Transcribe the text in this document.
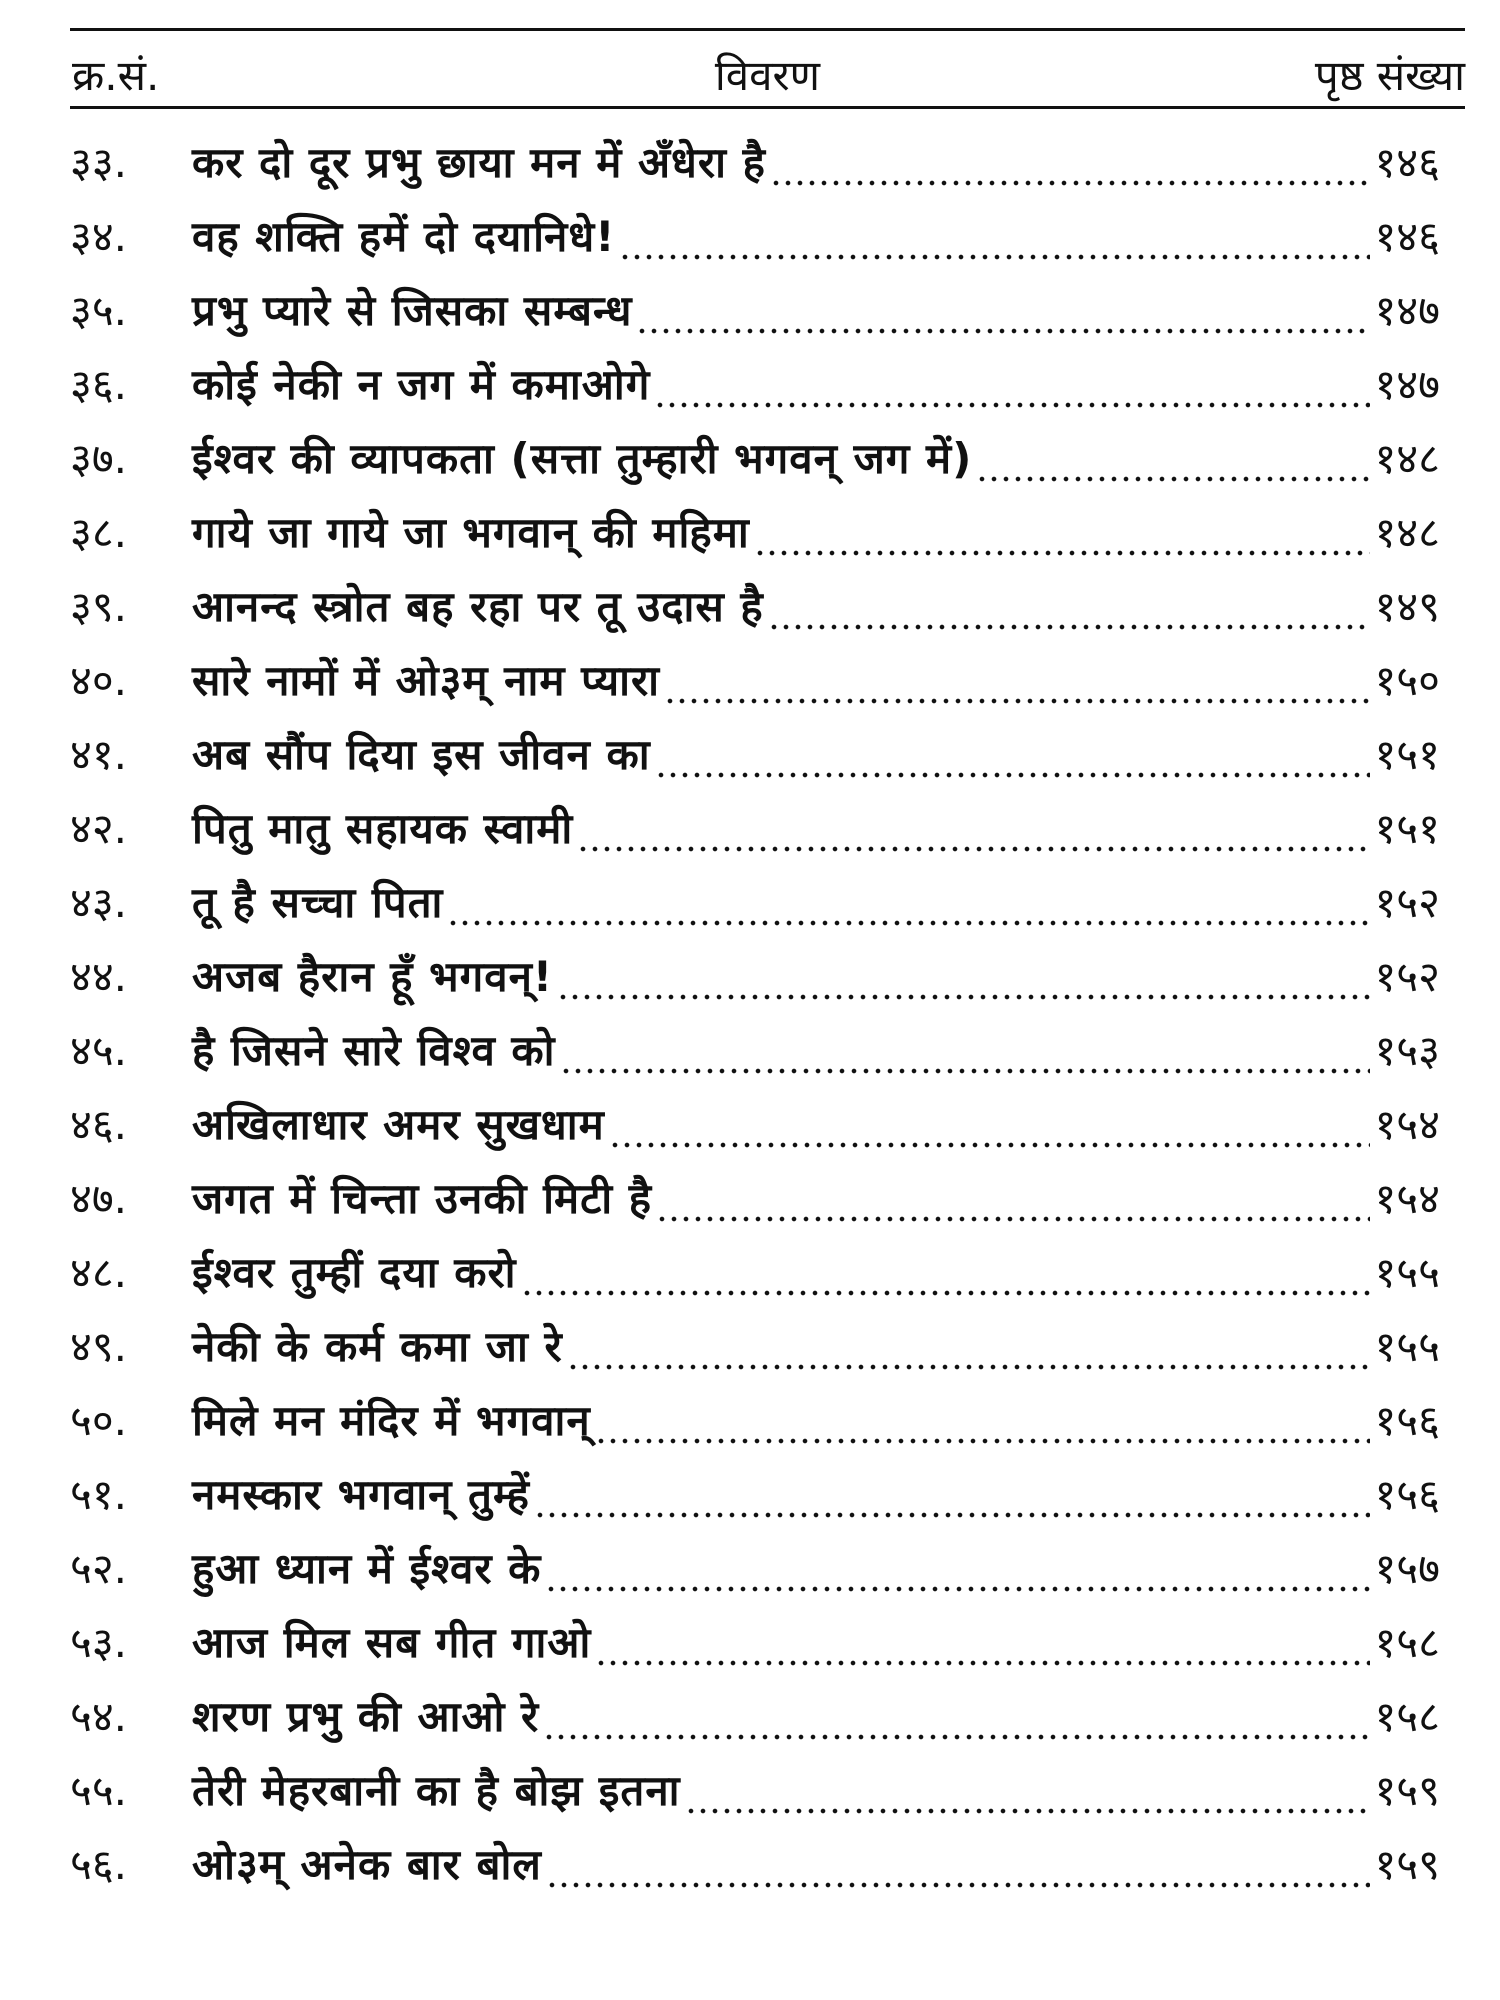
क्र.सं.	विवरण	पृष्ठ संख्या
३३.	कर दो दूर प्रभु छाया मन में अँधेरा है	१४६
३४.	वह शक्ति हमें दो दयानिधे!	१४६
३५.	प्रभु प्यारे से जिसका सम्बन्ध	१४७
३६.	कोई नेकी न जग में कमाओगे	१४७
३७.	ईश्वर की व्यापकता (सत्ता तुम्हारी भगवन् जग में)	१४८
३८.	गाये जा गाये जा भगवान् की महिमा	१४८
३९.	आनन्द स्त्रोत बह रहा पर तू उदास है	१४९
४०.	सारे नामों में ओ३म् नाम प्यारा	१५०
४१.	अब सौंप दिया इस जीवन का	१५१
४२.	पितु मातु सहायक स्वामी	१५१
४३.	तू है सच्चा पिता	१५२
४४.	अजब हैरान हूँ भगवन्!	१५२
४५.	है जिसने सारे विश्व को	१५३
४६.	अखिलाधार अमर सुखधाम	१५४
४७.	जगत में चिन्ता उनकी मिटी है	१५४
४८.	ईश्वर तुम्हीं दया करो	१५५
४९.	नेकी के कर्म कमा जा रे	१५५
५०.	मिले मन मंदिर में भगवान्	१५६
५१.	नमस्कार भगवान् तुम्हें	१५६
५२.	हुआ ध्यान में ईश्वर के	१५७
५३.	आज मिल सब गीत गाओ	१५८
५४.	शरण प्रभु की आओ रे	१५८
५५.	तेरी मेहरबानी का है बोझ इतना	१५९
५६.	ओ३म् अनेक बार बोल	१५९
